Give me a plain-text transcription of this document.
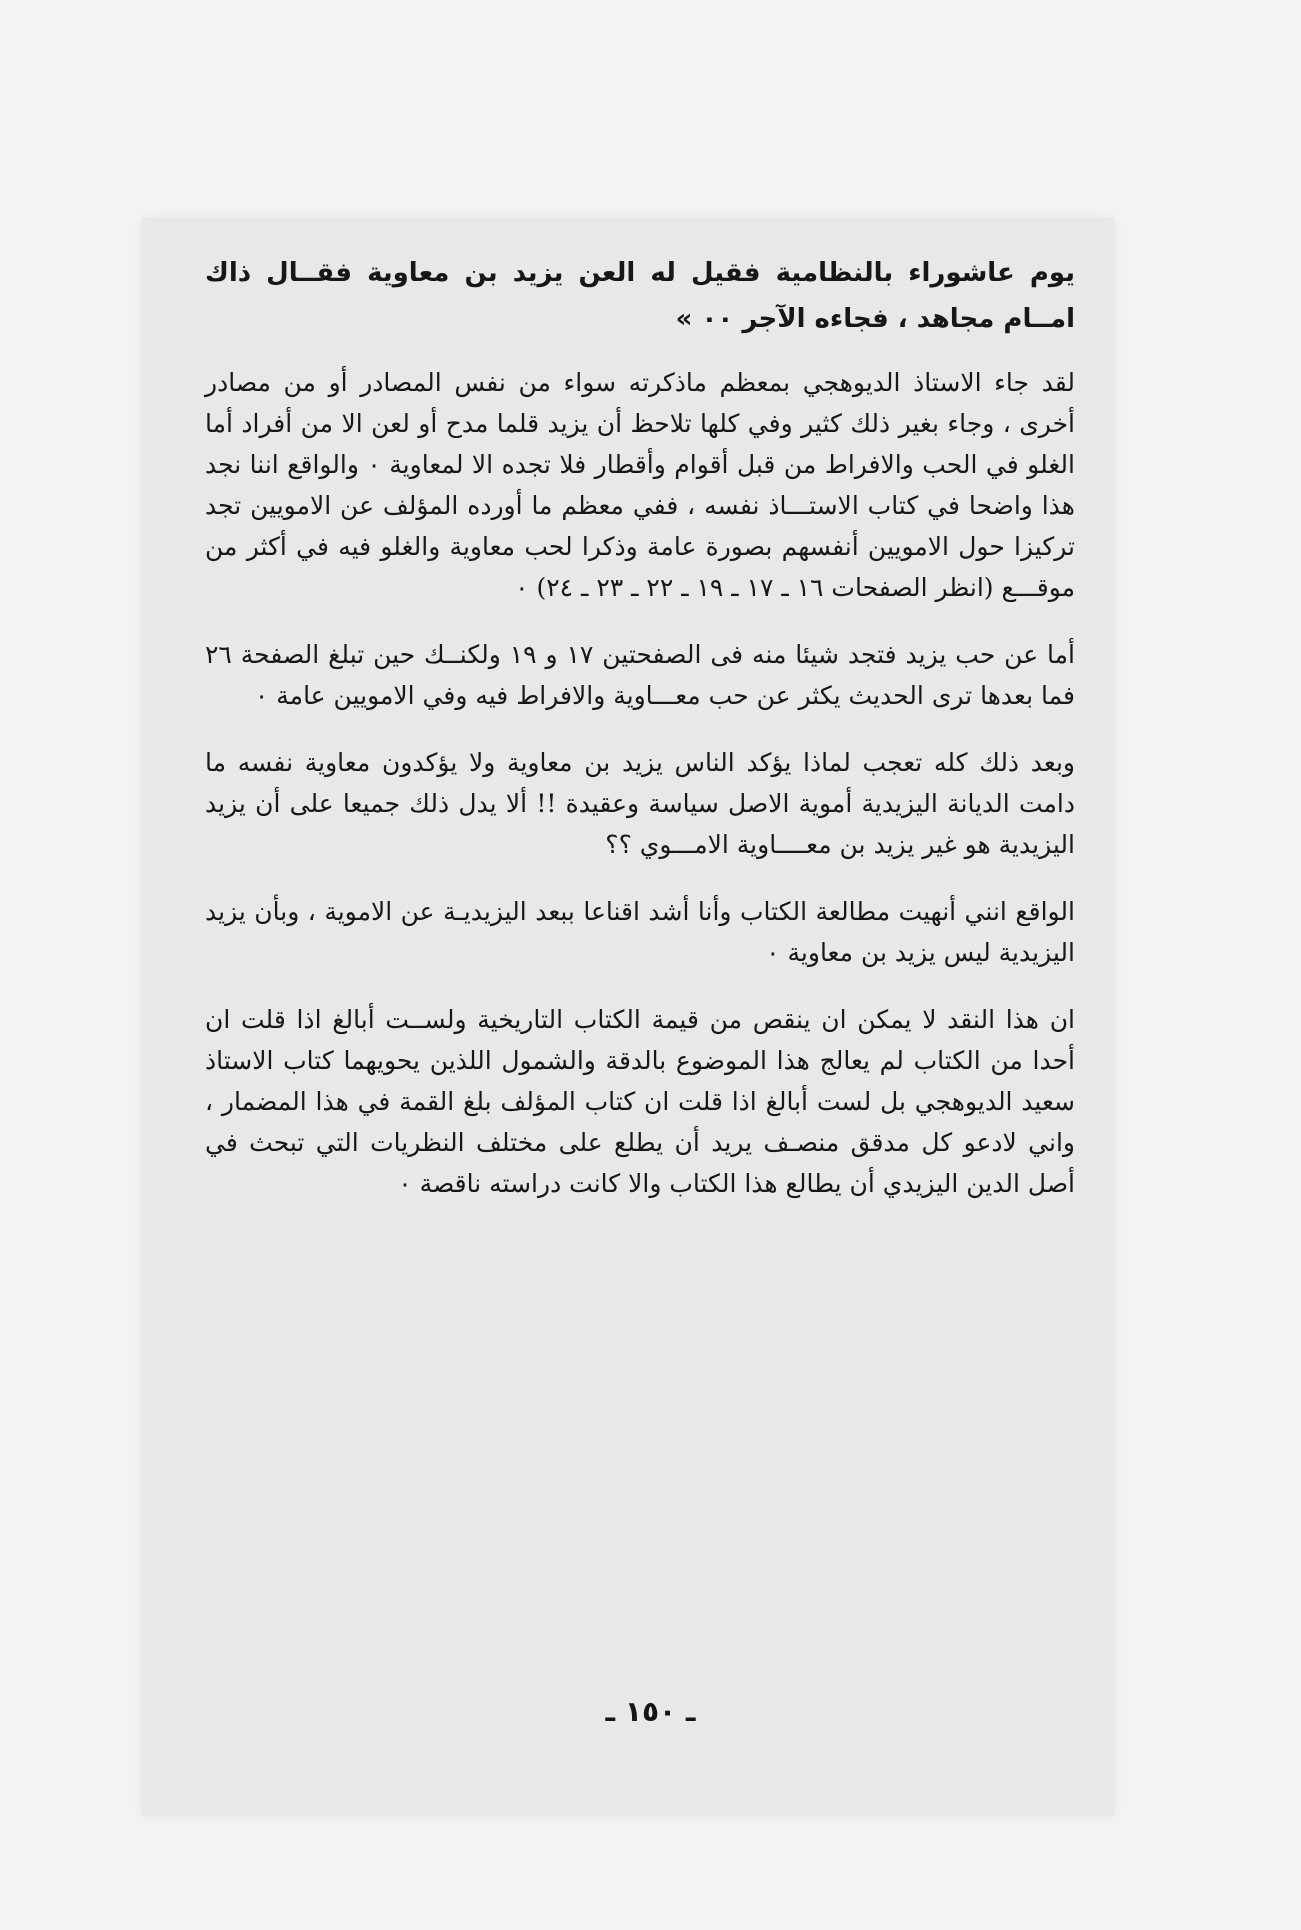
يوم عاشوراء بالنظامية فقيل له العن يزيد بن معاوية فقــال ذاك امــام مجاهد ، فجاءه الآجر ٠٠ »

لقد جاء الاستاذ الديوهجي بمعظم ماذكرته سواء من نفس المصادر أو من مصادر أخرى ، وجاء بغير ذلك كثير وفي كلها تلاحظ أن يزيد قلما مدح أو لعن الا من أفراد أما الغلو في الحب والافراط من قبل أقوام وأقطار فلا تجده الا لمعاوية ٠ والواقع اننا نجد هذا واضحا في كتاب الاستـــاذ نفسه ، ففي معظم ما أورده المؤلف عن الامويين تجد تركيزا حول الامويين أنفسهم بصورة عامة وذكرا لحب معاوية والغلو فيه في أكثر من موقـــع (انظر الصفحات ١٦ ـ ١٧ ـ ١٩ ـ ٢٢ ـ ٢٣ ـ ٢٤) ٠

أما عن حب يزيد فتجد شيئا منه فى الصفحتين ١٧ و ١٩ ولكنــك حين تبلغ الصفحة ٢٦ فما بعدها ترى الحديث يكثر عن حب معـــاوية والافراط فيه وفي الامويين عامة ٠

وبعد ذلك كله تعجب لماذا يؤكد الناس يزيد بن معاوية ولا يؤكدون معاوية نفسه ما دامت الديانة اليزيدية أموية الاصل سياسة وعقيدة !! ألا يدل ذلك جميعا على أن يزيد اليزيدية هو غير يزيد بن معــــاوية الامـــوي ؟؟

الواقع انني أنهيت مطالعة الكتاب وأنا أشد اقناعا ببعد اليزيديـة عن الاموية ، وبأن يزيد اليزيدية ليس يزيد بن معاوية ٠

ان هذا النقد لا يمكن ان ينقص من قيمة الكتاب التاريخية ولســت أبالغ اذا قلت ان أحدا من الكتاب لم يعالج هذا الموضوع بالدقة والشمول اللذين يحويهما كتاب الاستاذ سعيد الديوهجي بل لست أبالغ اذا قلت ان كتاب المؤلف بلغ القمة في هذا المضمار ، واني لادعو كل مدقق منصـف يريد أن يطلع على مختلف النظريات التي تبحث في أصل الدين اليزيدي أن يطالع هذا الكتاب والا كانت دراسته ناقصة ٠

ـ ١٥٠ ـ
